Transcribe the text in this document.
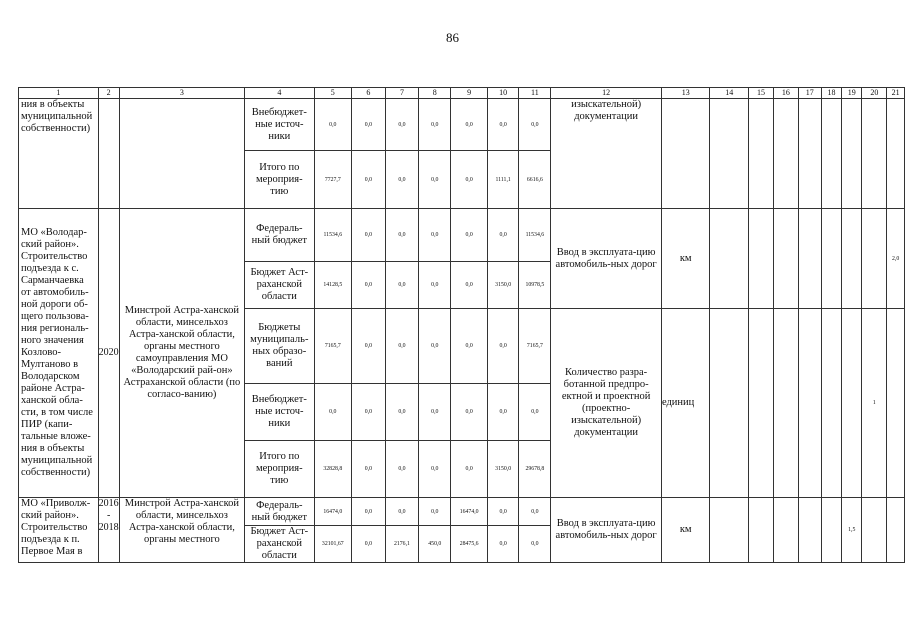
86
1	2	3	4	5	6	7	8	9	10	11	12	13	14	15	16	17	18	19	20	21
ния в объекты муниципальной собственности)			Внебюджет-ные источ-ники	0,0	0,0	0,0	0,0	0,0	0,0	0,0	изыскательной) документации									
			Итого по мероприя-тию	7727,7	0,0	0,0	0,0	0,0	1111,1	6616,6										
МО «Володар-ский район». Строительство подъезда к с. Сарманчаевка от автомобиль-ной дороги об-щего пользова-ния региональ-ного значения Козлово-Мултаново в Володарском районе Астра-ханской обла-сти, в том числе ПИР (капи-тальные вложе-ния в объекты муниципальной собственности)	2020	Минстрой Астра-ханской области, минсельхоз Астра-ханской области, органы местного самоуправления МО «Володарский рай-он» Астраханской области (по согласо-ванию)	Федераль-ный бюджет	11534,6	0,0	0,0	0,0	0,0	0,0	11534,6	Ввод в эксплуата-цию автомобиль-ных дорог	км								2,0
			Бюджет Аст-раханской области	14128,5	0,0	0,0	0,0	0,0	3150,0	10978,5										
			Бюджеты муниципаль-ных образо-ваний	7165,7	0,0	0,0	0,0	0,0	0,0	7165,7	Количество разра-ботанной предпро-ектной и проектной (проектно-изыскательной) документации	единиц							1	
			Внебюджет-ные источ-ники	0,0	0,0	0,0	0,0	0,0	0,0	0,0										
			Итого по мероприя-тию	32828,8	0,0	0,0	0,0	0,0	3150,0	29678,8										
МО «Приволж-ский район». Строительство подъезда к п. Первое Мая в	2016 - 2018	Минстрой Астра-ханской области, минсельхоз Астра-ханской области, органы местного	Федераль-ный бюджет	16474,0	0,0	0,0	0,0	16474,0	0,0	0,0	Ввод в эксплуата-цию автомобиль-ных дорог	км						1,5		
			Бюджет Аст-раханской области	32101,67	0,0	2176,1	450,0	28475,6	0,0	0,0										
